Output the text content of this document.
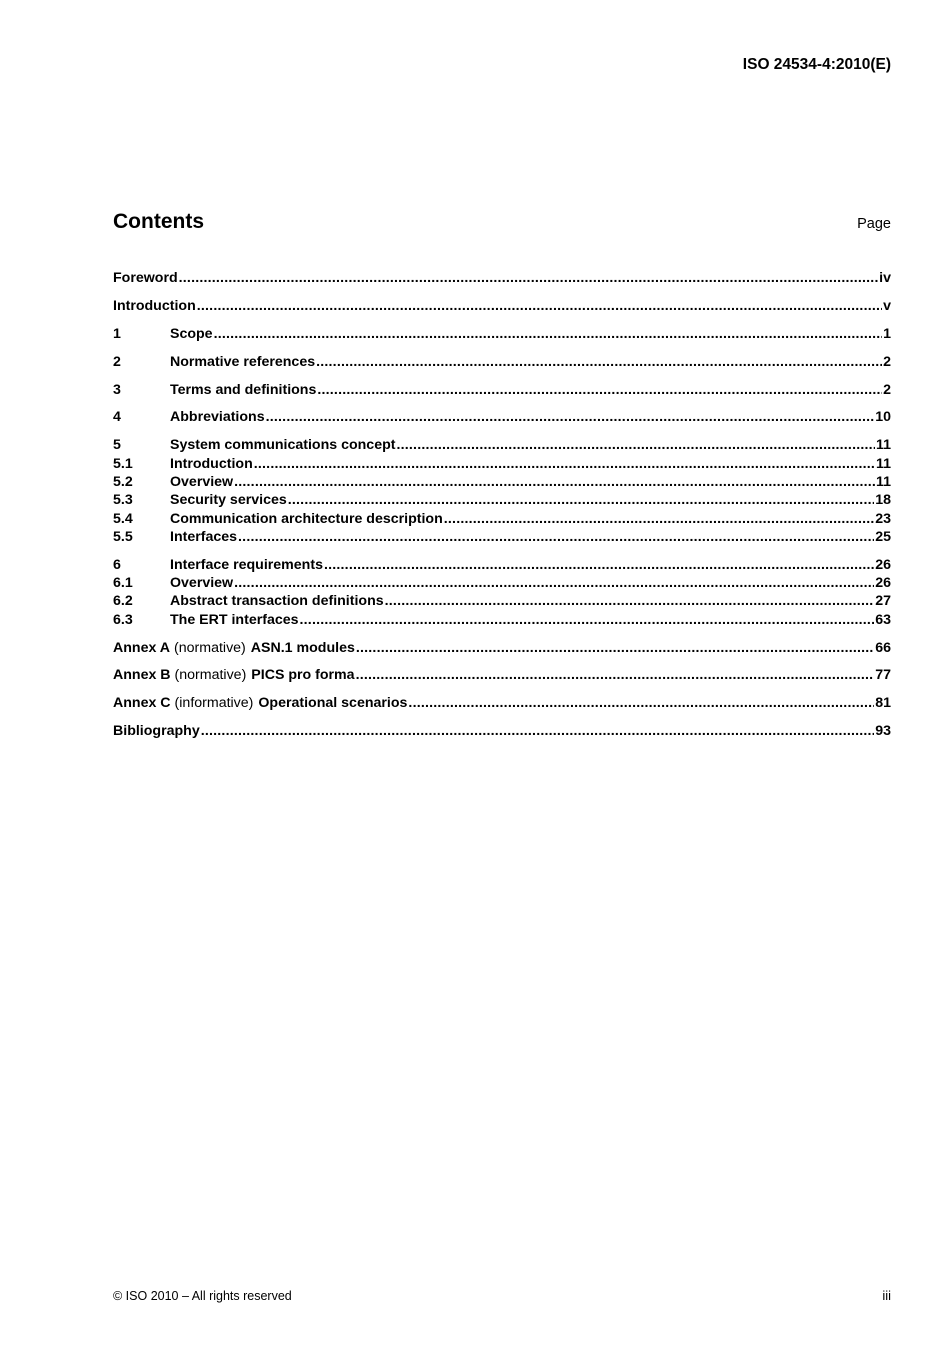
ISO 24534-4:2010(E)
Contents	Page
Foreword .....	iv
Introduction .....	v
1	Scope .....	1
2	Normative references .....	2
3	Terms and definitions .....	2
4	Abbreviations .....	10
5	System communications concept .....	11
5.1	Introduction .....	11
5.2	Overview .....	11
5.3	Security services .....	18
5.4	Communication architecture description .....	23
5.5	Interfaces .....	25
6	Interface requirements .....	26
6.1	Overview .....	26
6.2	Abstract transaction definitions .....	27
6.3	The ERT interfaces .....	63
Annex A (normative) ASN.1 modules .....	66
Annex B (normative) PICS pro forma .....	77
Annex C (informative) Operational scenarios .....	81
Bibliography .....	93
© ISO 2010 – All rights reserved	iii
